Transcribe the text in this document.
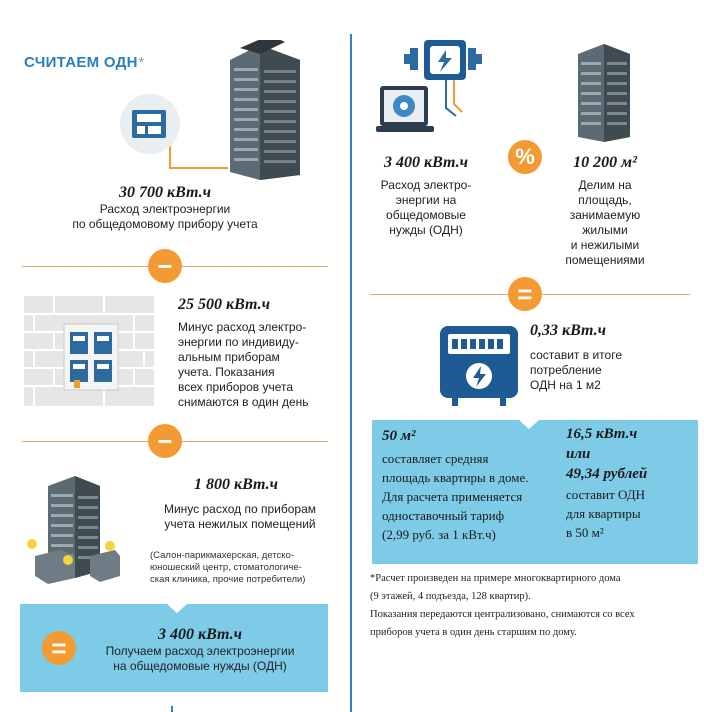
СЧИТАЕМ ОДН*
30 700 кВт.ч
Расход электроэнергии
по общедомовому прибору учета
−
25 500 кВт.ч
Минус расход электро-
энергии по индивиду-
альным приборам
учета. Показания
всех приборов учета
снимаются в один день
−
1 800 кВт.ч
Минус расход по приборам
учета нежилых помещений
(Салон-парикмахерская, детско-
юношеский центр, стоматологиче-
ская клиника, прочие потребители)
=	3 400 кВт.ч
Получаем расход электроэнергии
на общедомовые нужды (ОДН)
3 400 кВт.ч
Расход электро-
энергии на
общедомовые
нужды (ОДН)
%	10 200 м²
Делим на
площадь,
занимаемую
жилыми
и нежилыми
помещениями
=
0,33 кВт.ч
составит в итоге
потребление
ОДН на 1 м2
50 м²
составляет средняя
площадь квартиры в доме.
Для расчета применяется
одноставочный тариф
(2,99 руб. за 1 кВт.ч)
16,5 кВт.ч
или
49,34 рублей
составит ОДН
для квартиры
в 50 м²
*Расчет произведен на примере многоквартирного дома
(9 этажей, 4 подъезда, 128 квартир).
Показания передаются централизовано, снимаются со всех
приборов учета в один день старшим по дому.
